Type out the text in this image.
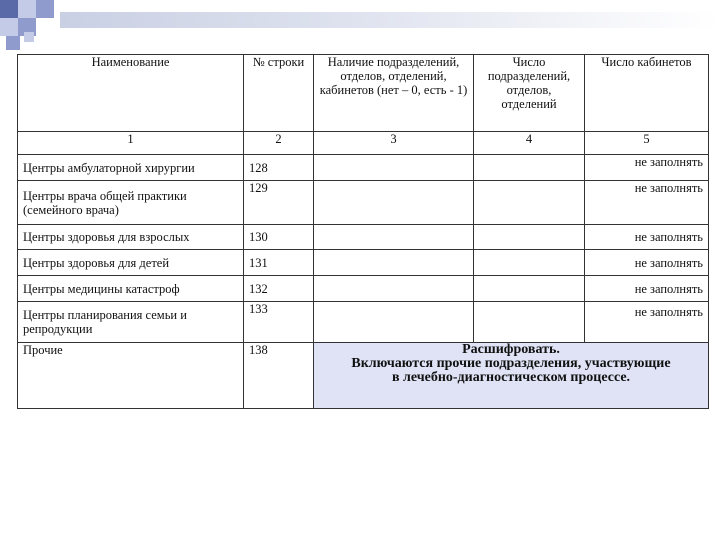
Наименование	№ строки	Наличие подразделений, отделов, отделений, кабинетов (нет – 0, есть - 1)	Число подразделений, отделов, отделений	Число кабинетов
1	2	3	4	5
Центры амбулаторной хирургии	128			не заполнять
Центры врача общей практики (семейного врача)	129			не заполнять
Центры здоровья для взрослых	130			не заполнять
Центры здоровья для детей	131			не заполнять
Центры медицины катастроф	132			не заполнять
Центры планирования семьи и репродукции	133			не заполнять
Прочие	138	Расшифровать.
Включаются прочие подразделения, участвующие
в лечебно-диагностическом процессе.		
